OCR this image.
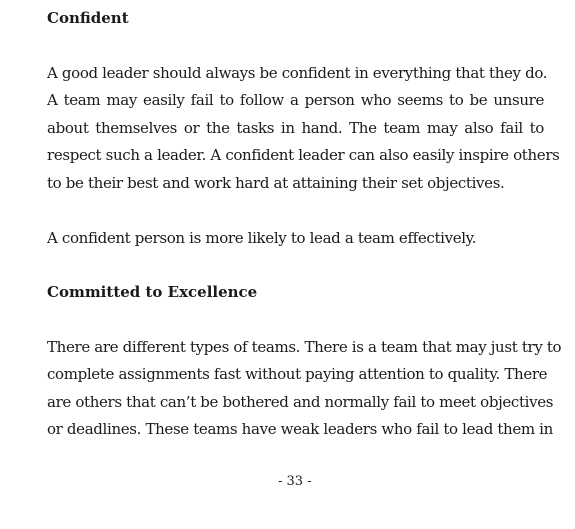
Confident
A good leader should always be confident in everything that they do.
A team may easily fail to follow a person who seems to be unsure
about themselves or the tasks in hand. The team may also fail to
respect such a leader. A confident leader can also easily inspire others
to be their best and work hard at attaining their set objectives.
A confident person is more likely to lead a team effectively.
Committed to Excellence
There are different types of teams. There is a team that may just try to
complete assignments fast without paying attention to quality. There
are others that can’t be bothered and normally fail to meet objectives
or deadlines. These teams have weak leaders who fail to lead them in
- 33 -
